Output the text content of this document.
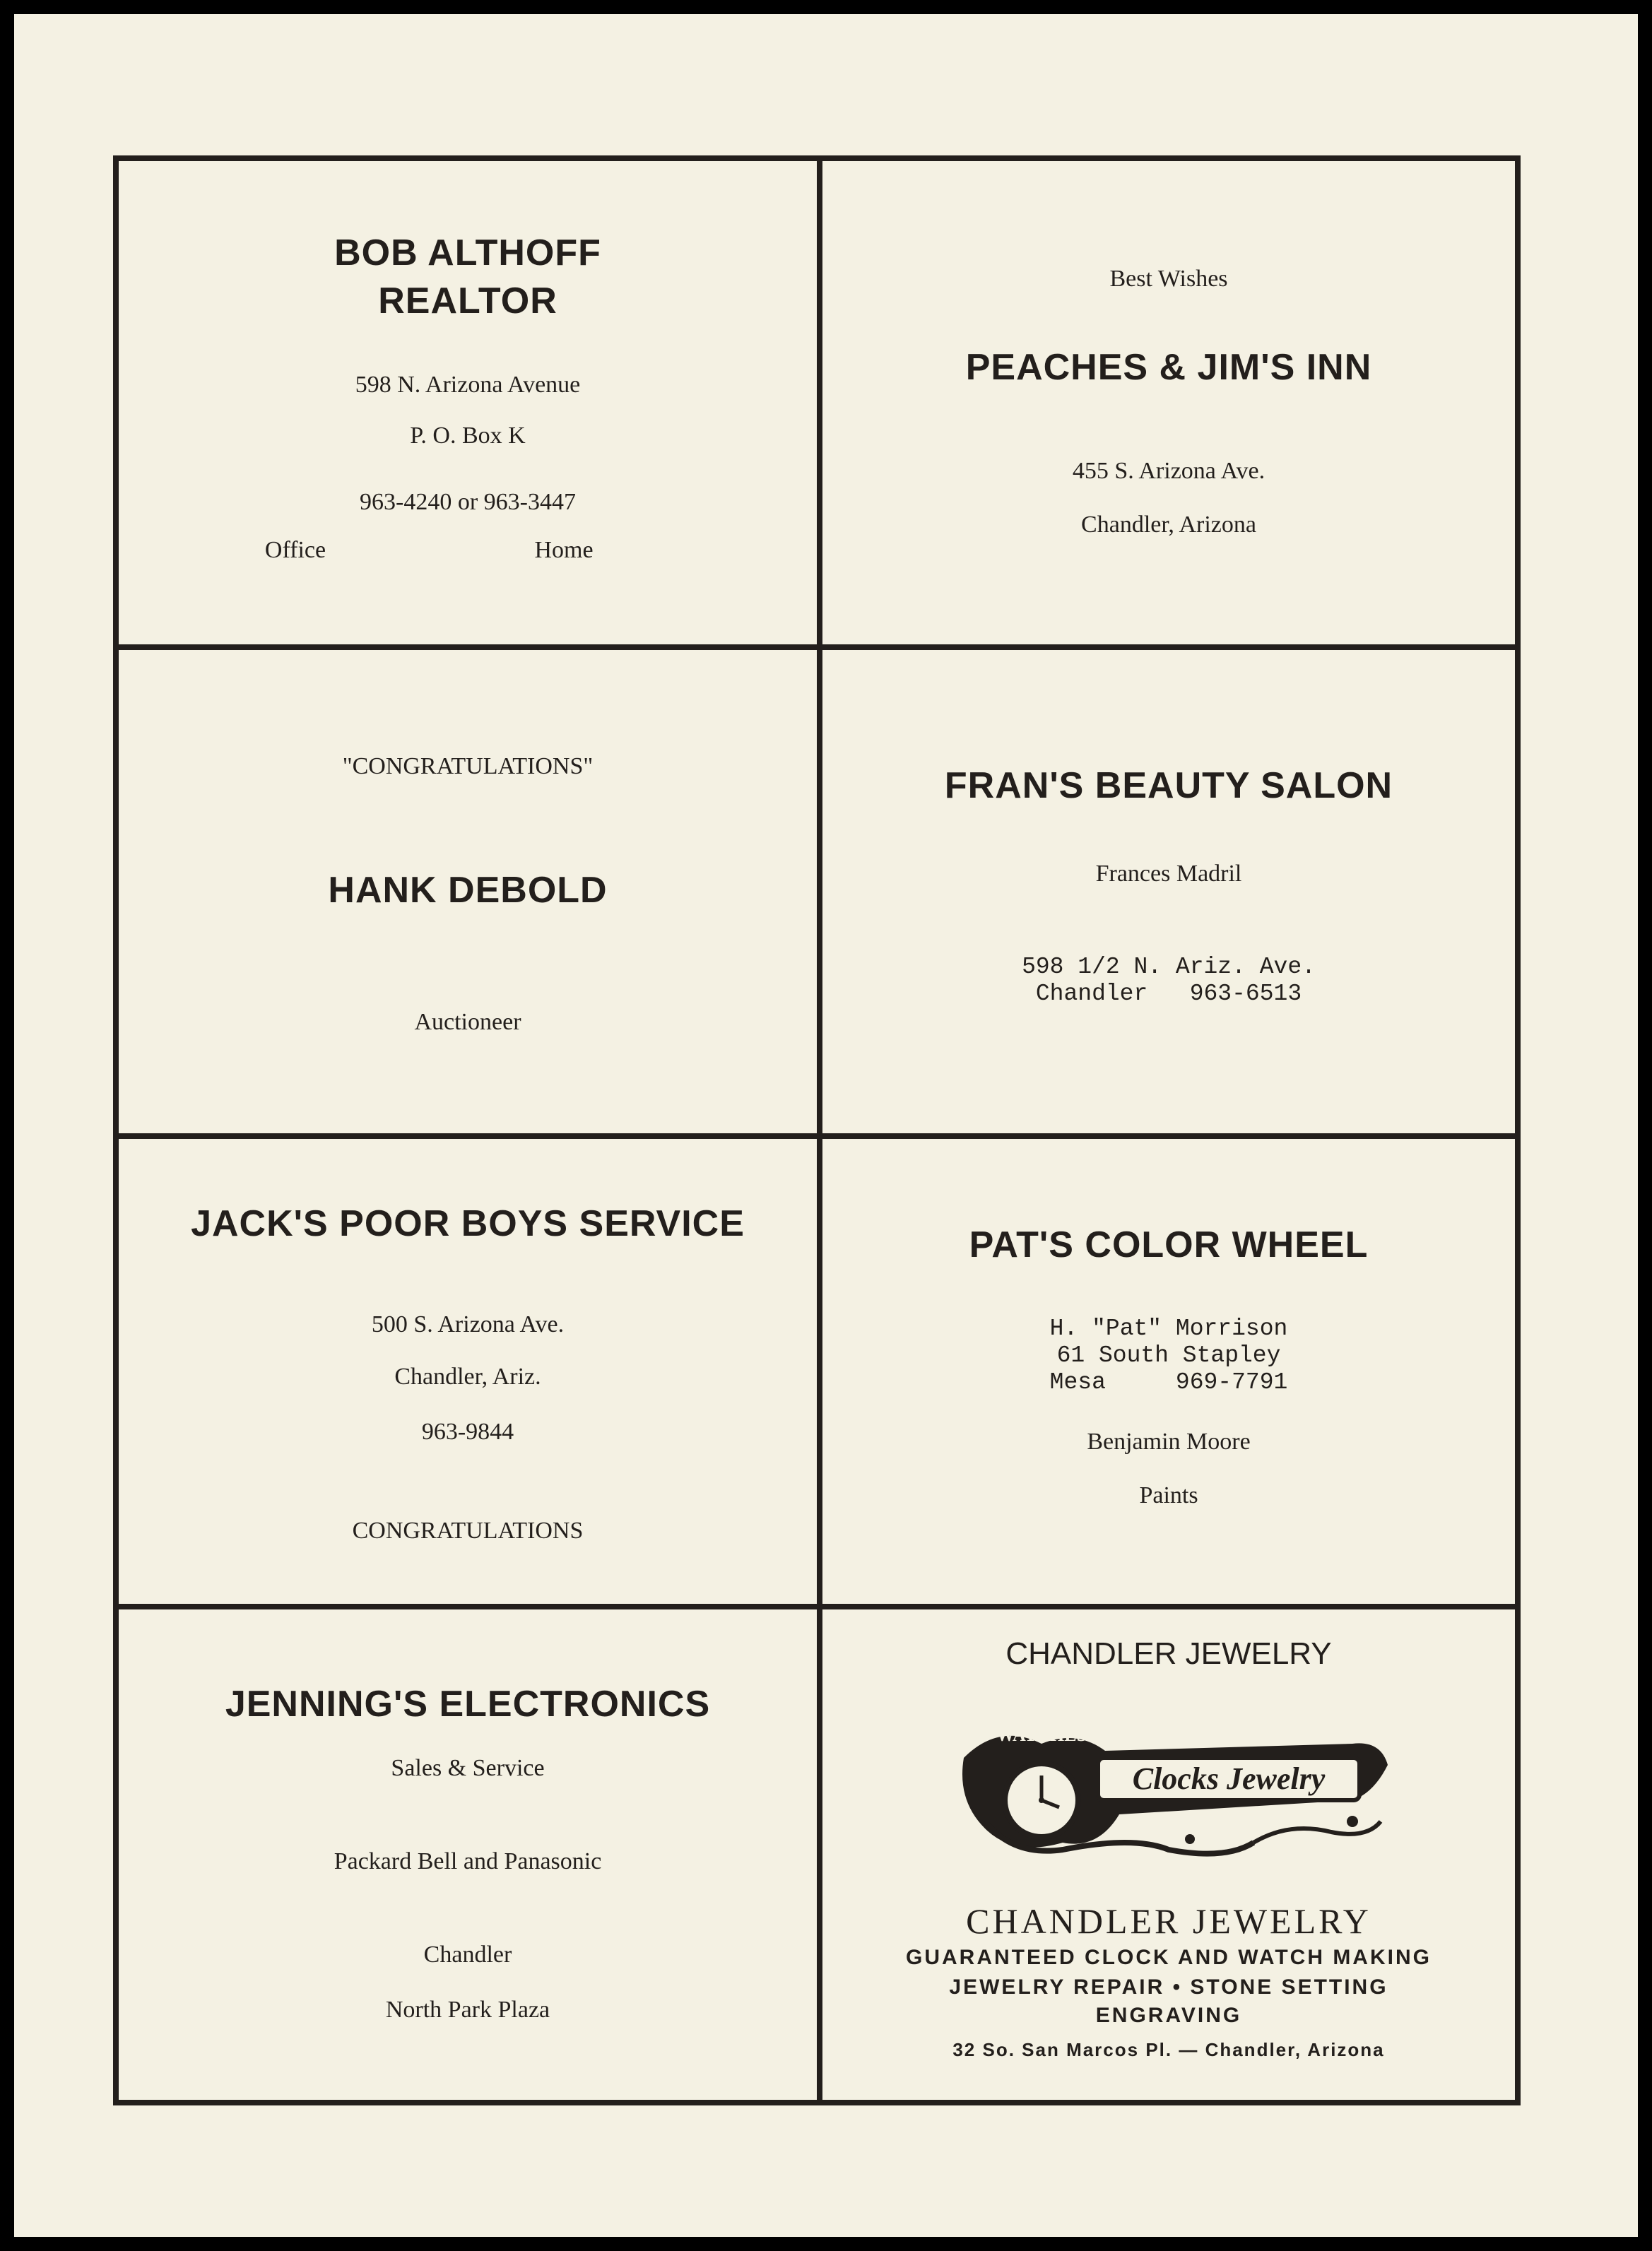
BOB ALTHOFF
REALTOR
598 N. Arizona Avenue
P. O. Box K
963-4240 or 963-3447
Office	Home
Best Wishes
PEACHES & JIM'S INN
455 S. Arizona Ave.
Chandler, Arizona
"CONGRATULATIONS"
HANK DEBOLD
Auctioneer
FRAN'S BEAUTY SALON
Frances Madril
598 1/2 N. Ariz. Ave.
Chandler   963-6513
JACK'S POOR BOYS SERVICE
500 S. Arizona Ave.
Chandler, Ariz.
963-9844
CONGRATULATIONS
PAT'S COLOR WHEEL
H. "Pat" Morrison
61 South Stapley
Mesa     969-7791
Benjamin Moore
Paints
JENNING'S ELECTRONICS
Sales & Service
Packard Bell and Panasonic
Chandler
North Park Plaza
CHANDLER JEWELRY
Clocks Jewelry
WATCHES
CHANDLER JEWELRY
GUARANTEED CLOCK AND WATCH MAKING
JEWELRY REPAIR • STONE SETTING
ENGRAVING
32 So. San Marcos Pl. — Chandler, Arizona
